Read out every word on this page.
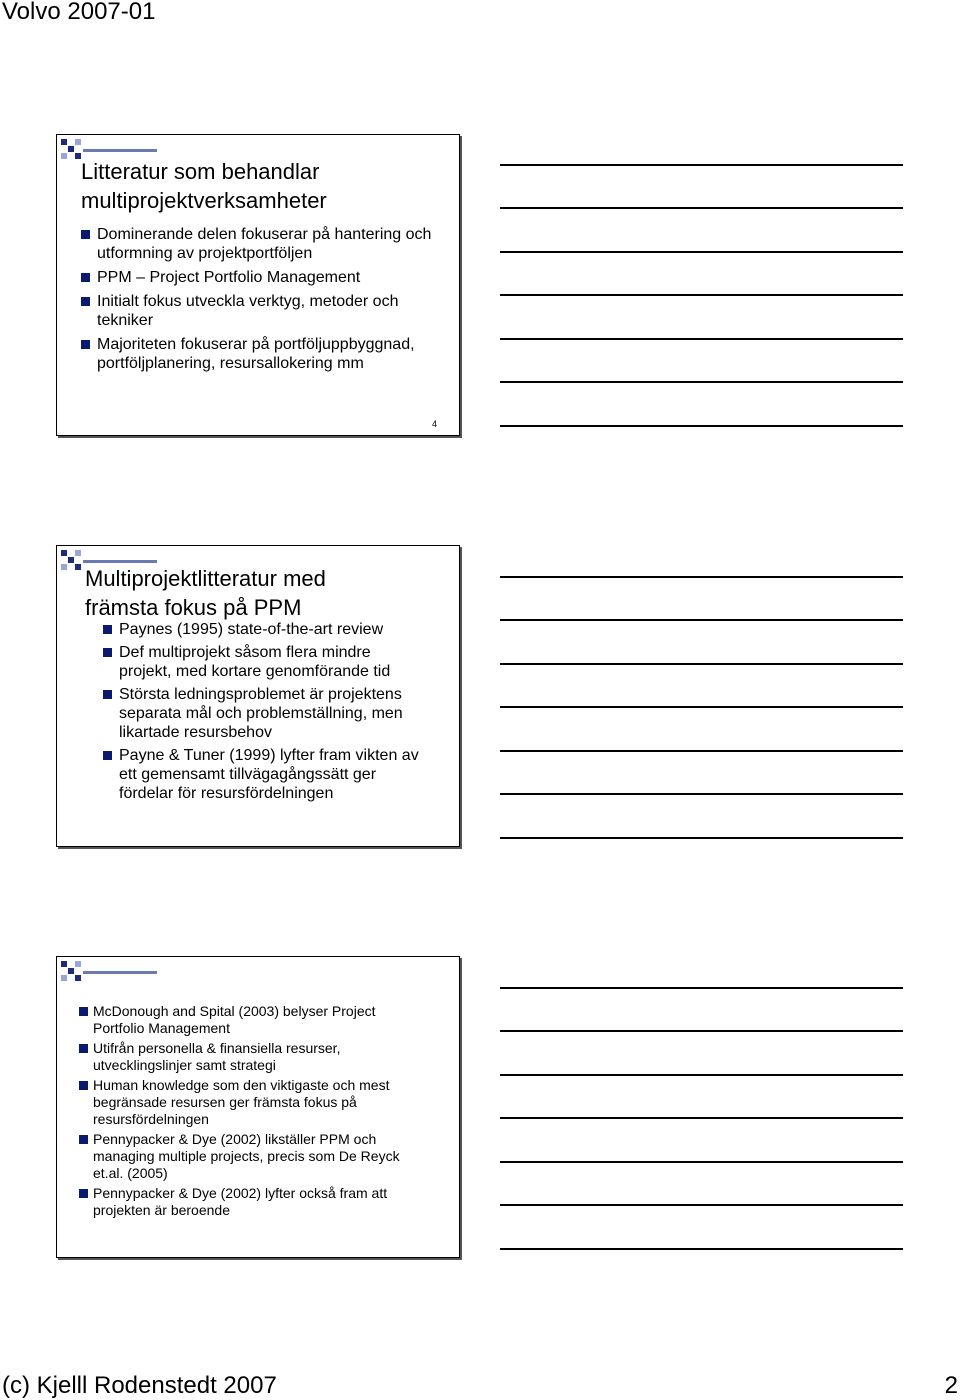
Volvo 2007-01
Litteratur som behandlar multiprojektverksamheter
Dominerande delen fokuserar på hantering och utformning av projektportföljen
PPM – Project Portfolio Management
Initialt fokus utveckla verktyg, metoder och tekniker
Majoriteten fokuserar på portföljuppbyggnad, portföljplanering, resursallokering mm
4
Multiprojektlitteratur med främsta fokus på PPM
Paynes (1995) state-of-the-art review
Def multiprojekt såsom flera mindre projekt, med kortare genomförande tid
Största ledningsproblemet är projektens separata mål och problemställning, men likartade resursbehov
Payne & Tuner (1999) lyfter fram vikten av ett gemensamt tillvägagångssätt ger fördelar för resursfördelningen
McDonough and Spital (2003) belyser Project Portfolio Management
Utifrån personella & finansiella resurser, utvecklingslinjer samt strategi
Human knowledge som den viktigaste och mest begränsade resursen ger främsta fokus på resursfördelningen
Pennypacker & Dye (2002) likställer PPM och managing multiple projects, precis som De Reyck et.al. (2005)
Pennypacker & Dye (2002) lyfter också fram att projekten är beroende
(c) Kjelll Rodenstedt 2007	2
